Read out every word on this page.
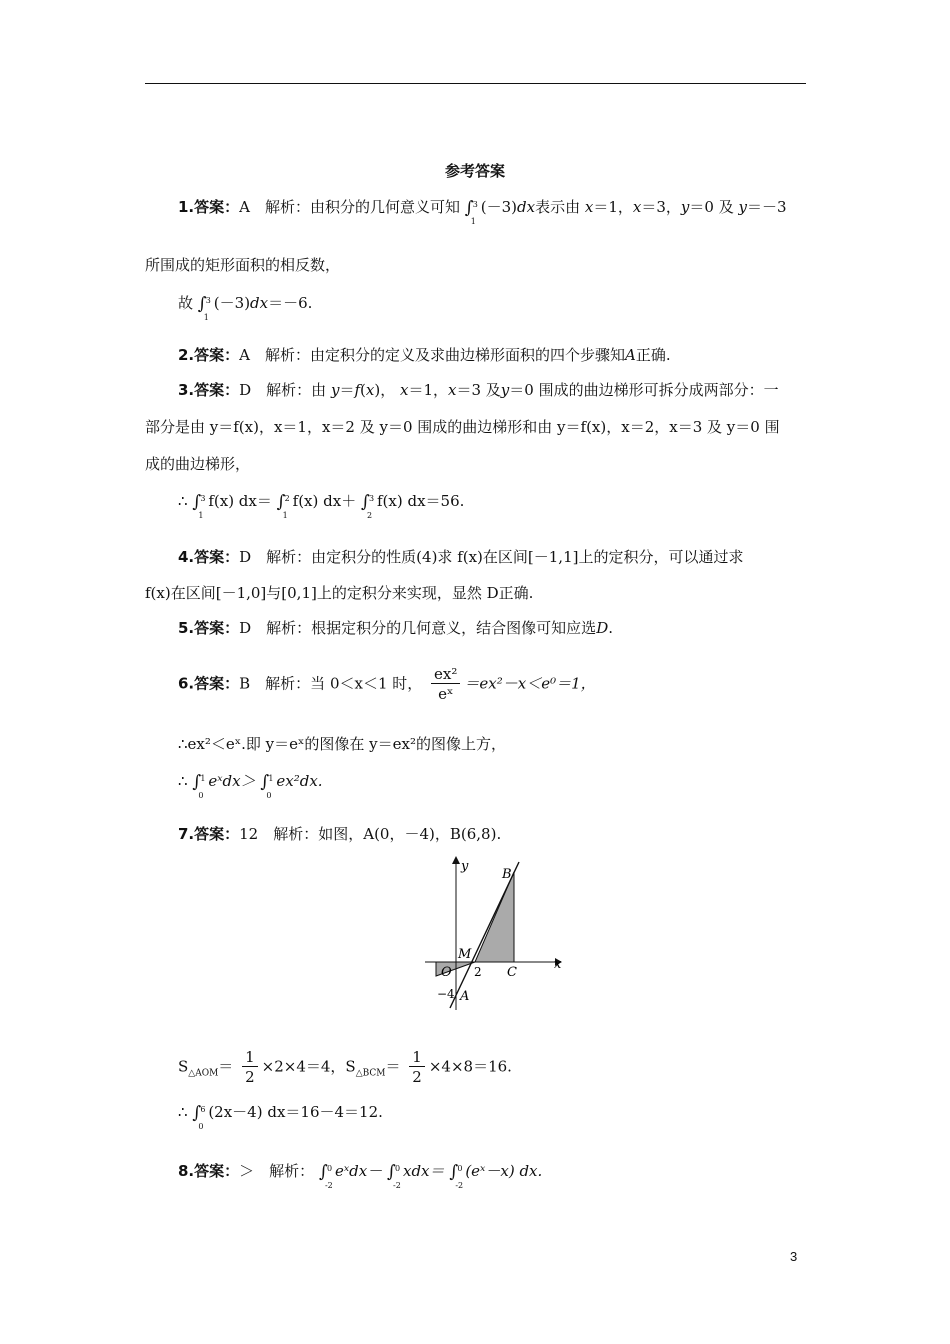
参考答案
1.答案：A　解析：由积分的几何意义可知 ∫ 3
1
(－3)dx表示由 x＝1，x＝3，y＝0 及 y＝－3
所围成的矩形面积的相反数，
故 ∫ 3
1
(－3)dx＝－6.
2.答案：A　解析：由定积分的定义及求曲边梯形面积的四个步骤知A正确.
3.答案：D　解析：由 y＝f(x)， x＝1，x＝3 及y＝0 围成的曲边梯形可拆分成两部分：一
部分是由 y＝f(x)，x＝1，x＝2 及 y＝0 围成的曲边梯形和由 y＝f(x)，x＝2，x＝3 及 y＝0 围
成的曲边梯形，
∴ ∫ 3
1
f(x) dx＝ ∫ 2
1
f(x) dx＋ ∫ 3
2
f(x) dx＝56.
4.答案：D　解析：由定积分的性质(4)求 f(x)在区间[－1,1]上的定积分，可以通过求
f(x)在区间[－1,0]与[0,1]上的定积分来实现，显然 D正确.
5.答案：D　解析：根据定积分的几何意义，结合图像可知应选D.
6.答案：B　解析：当 0＜x＜1 时， $\frac{\text{ex²}}{\text{eˣ}} =ex^2-x<e^0=1$，
∴ex²＜eˣ.即 y＝eˣ的图像在 y＝ex²的图像上方，
∴ ∫ 1
0
eˣdx＞ ∫ 1
0
ex²dx.
7.答案：12　解析：如图，A(0，－4)，B(6,8).
y
x
B
M
O 2 C
−4 A
$S_{\triangle AOM}= \frac{1}{2} \times 2\times 4=4$，$S_{\triangle BCM}= \frac{1}{2} \times 4\times 8=16$.
∴ ∫ 6
0
(2x－4) dx＝16－4＝12.
8.答案：＞　解析： ∫ 0
-2
eˣdx－ ∫ 0
-2
xdx＝ ∫ 0
-2
(eˣ－x) dx.
3
